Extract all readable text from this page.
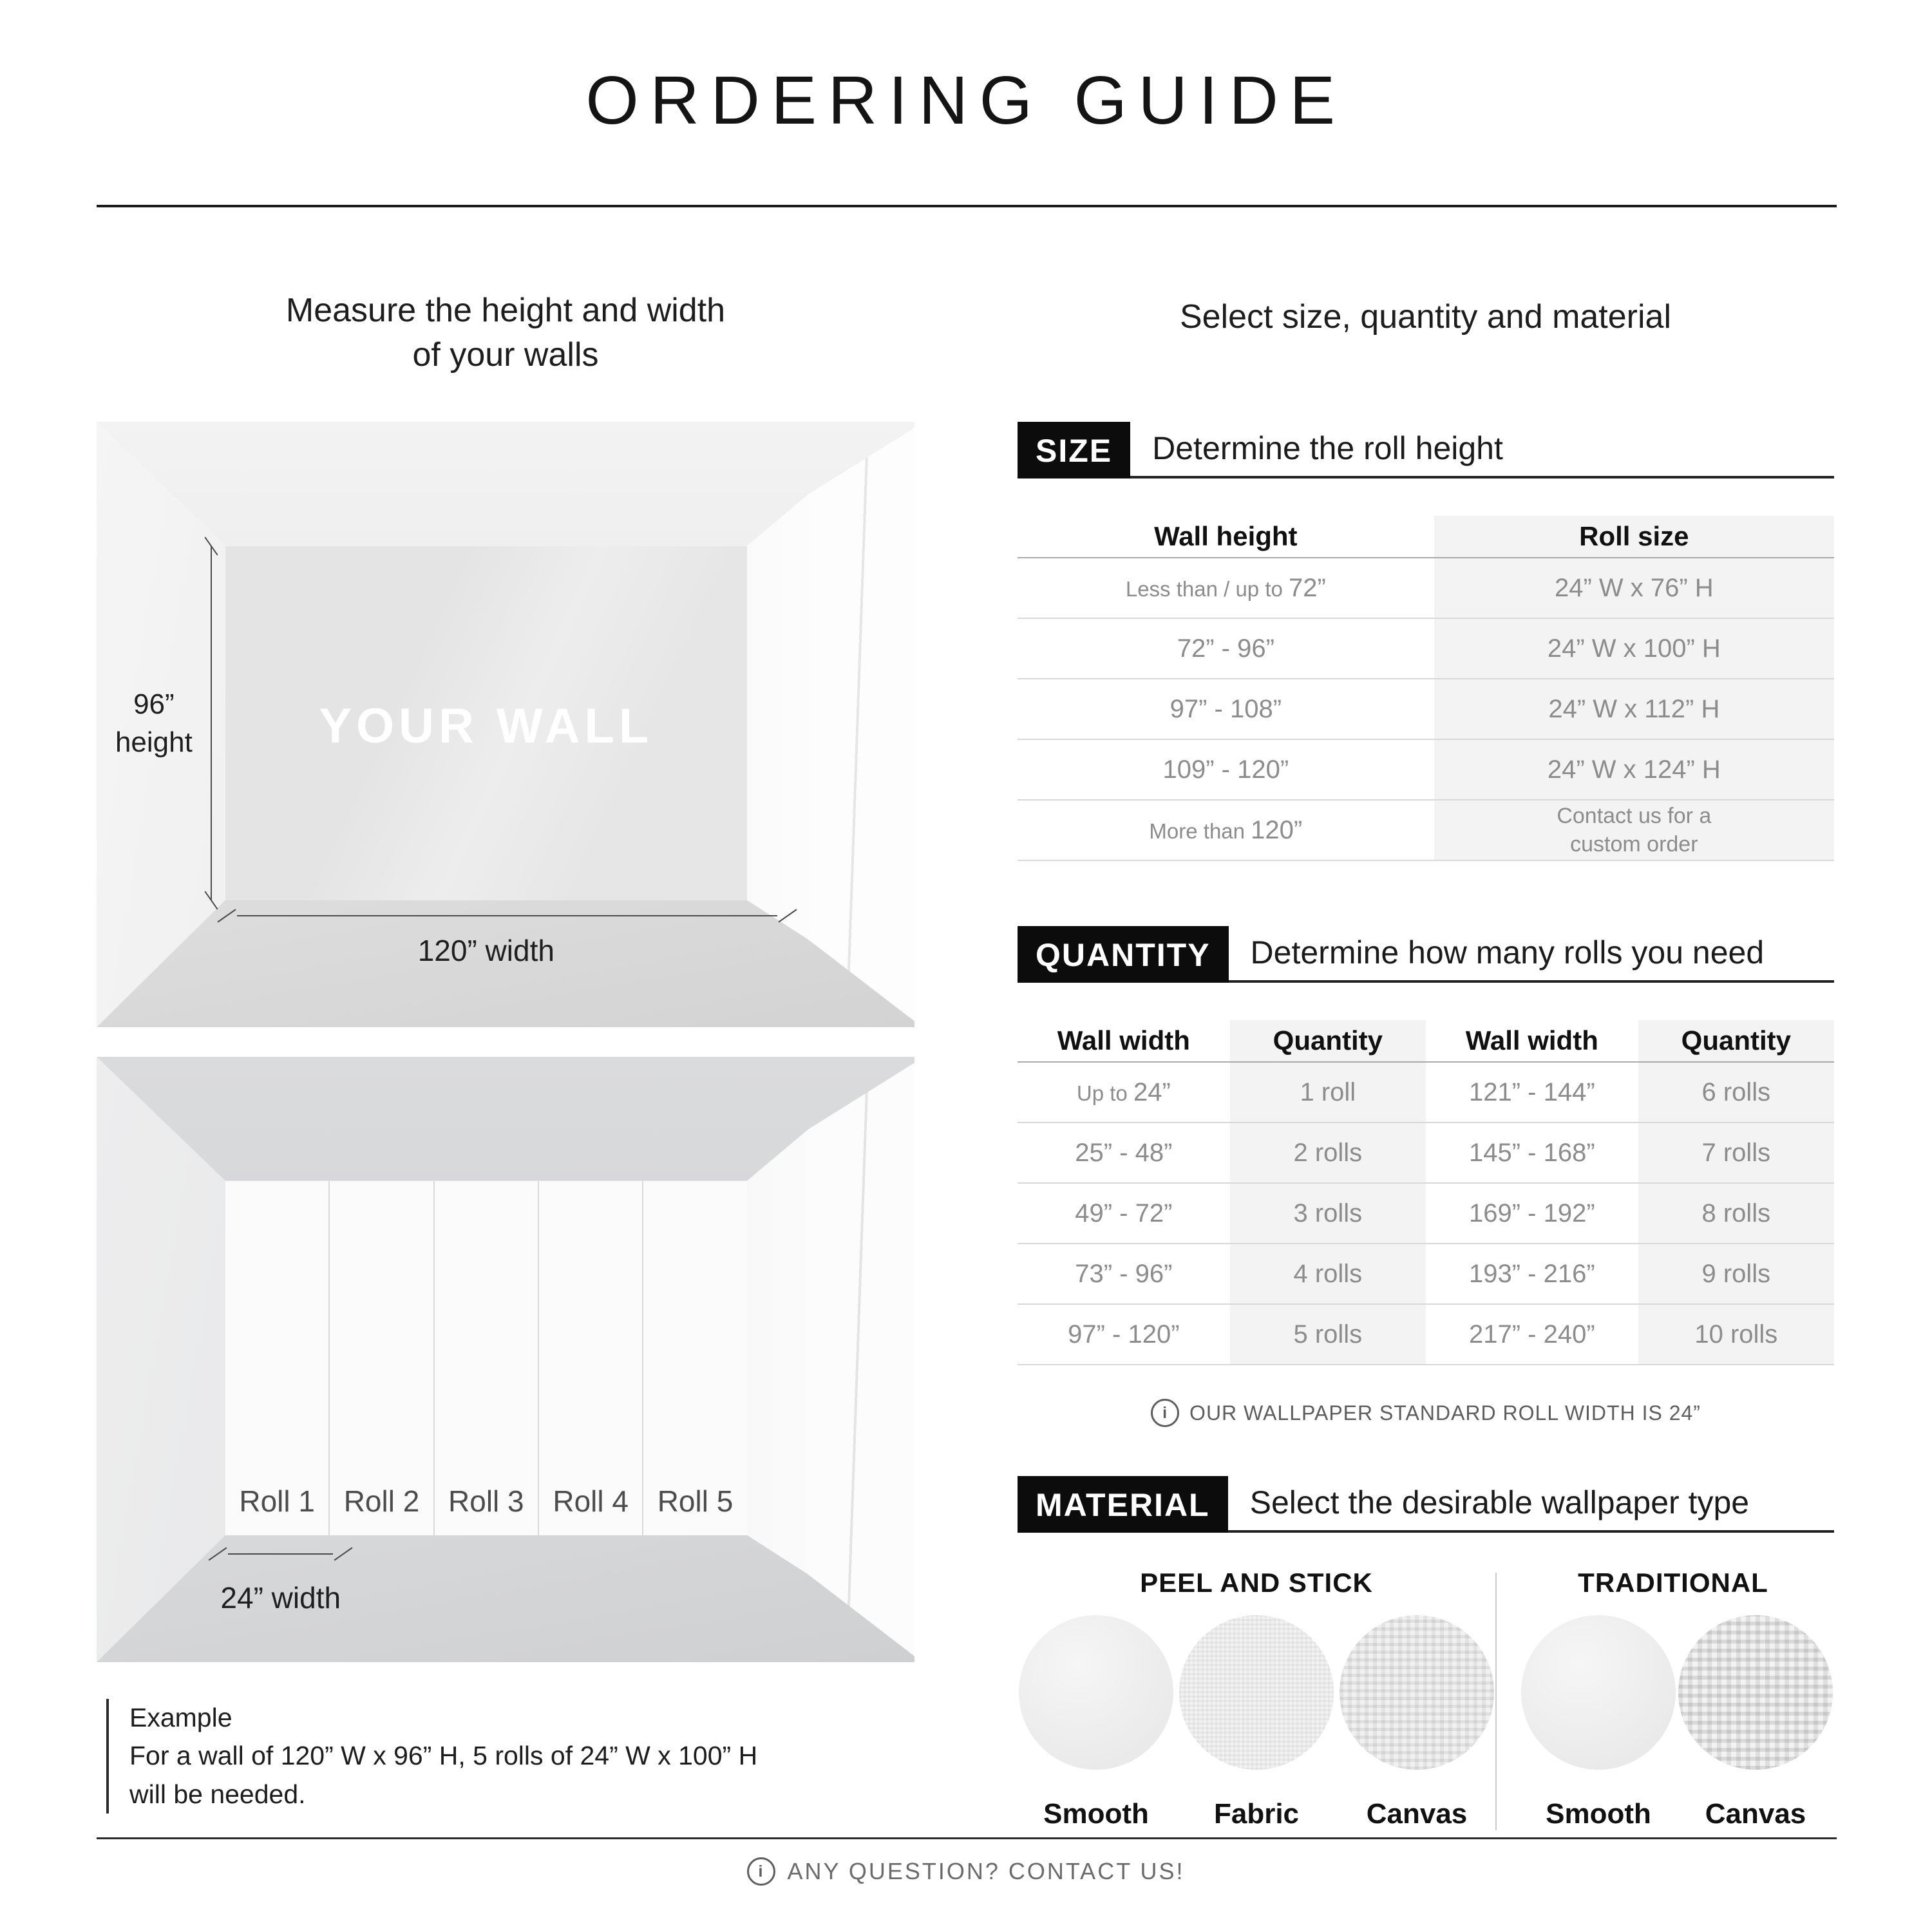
ORDERING GUIDE
Measure the height and width
of your walls
YOUR WALL
96”
height
120” width
Roll 1 Roll 2 Roll 3 Roll 4 Roll 5
24” width
Example
For a wall of 120” W x 96” H, 5 rolls of 24” W x 100” H
will be needed.
Select size, quantity and material
SIZE	Determine the roll height
Wall height	Roll size
Less than / up to 72”	24” W x 76” H
72” - 96”	24” W x 100” H
97” - 108”	24” W x 112” H
109” - 120”	24” W x 124” H
More than 120”	Contact us for a
custom order
QUANTITY	Determine how many rolls you need
Wall width	Quantity	Wall width	Quantity
Up to 24”	1 roll	121” - 144”	6 rolls
25” - 48”	2 rolls	145” - 168”	7 rolls
49” - 72”	3 rolls	169” - 192”	8 rolls
73” - 96”	4 rolls	193” - 216”	9 rolls
97” - 120”	5 rolls	217” - 240”	10 rolls
i	OUR WALLPAPER STANDARD ROLL WIDTH IS 24”
MATERIAL	Select the desirable wallpaper type
PEEL AND STICK
Smooth Fabric Canvas
TRADITIONAL
Smooth Canvas
i ANY QUESTION? CONTACT US!
